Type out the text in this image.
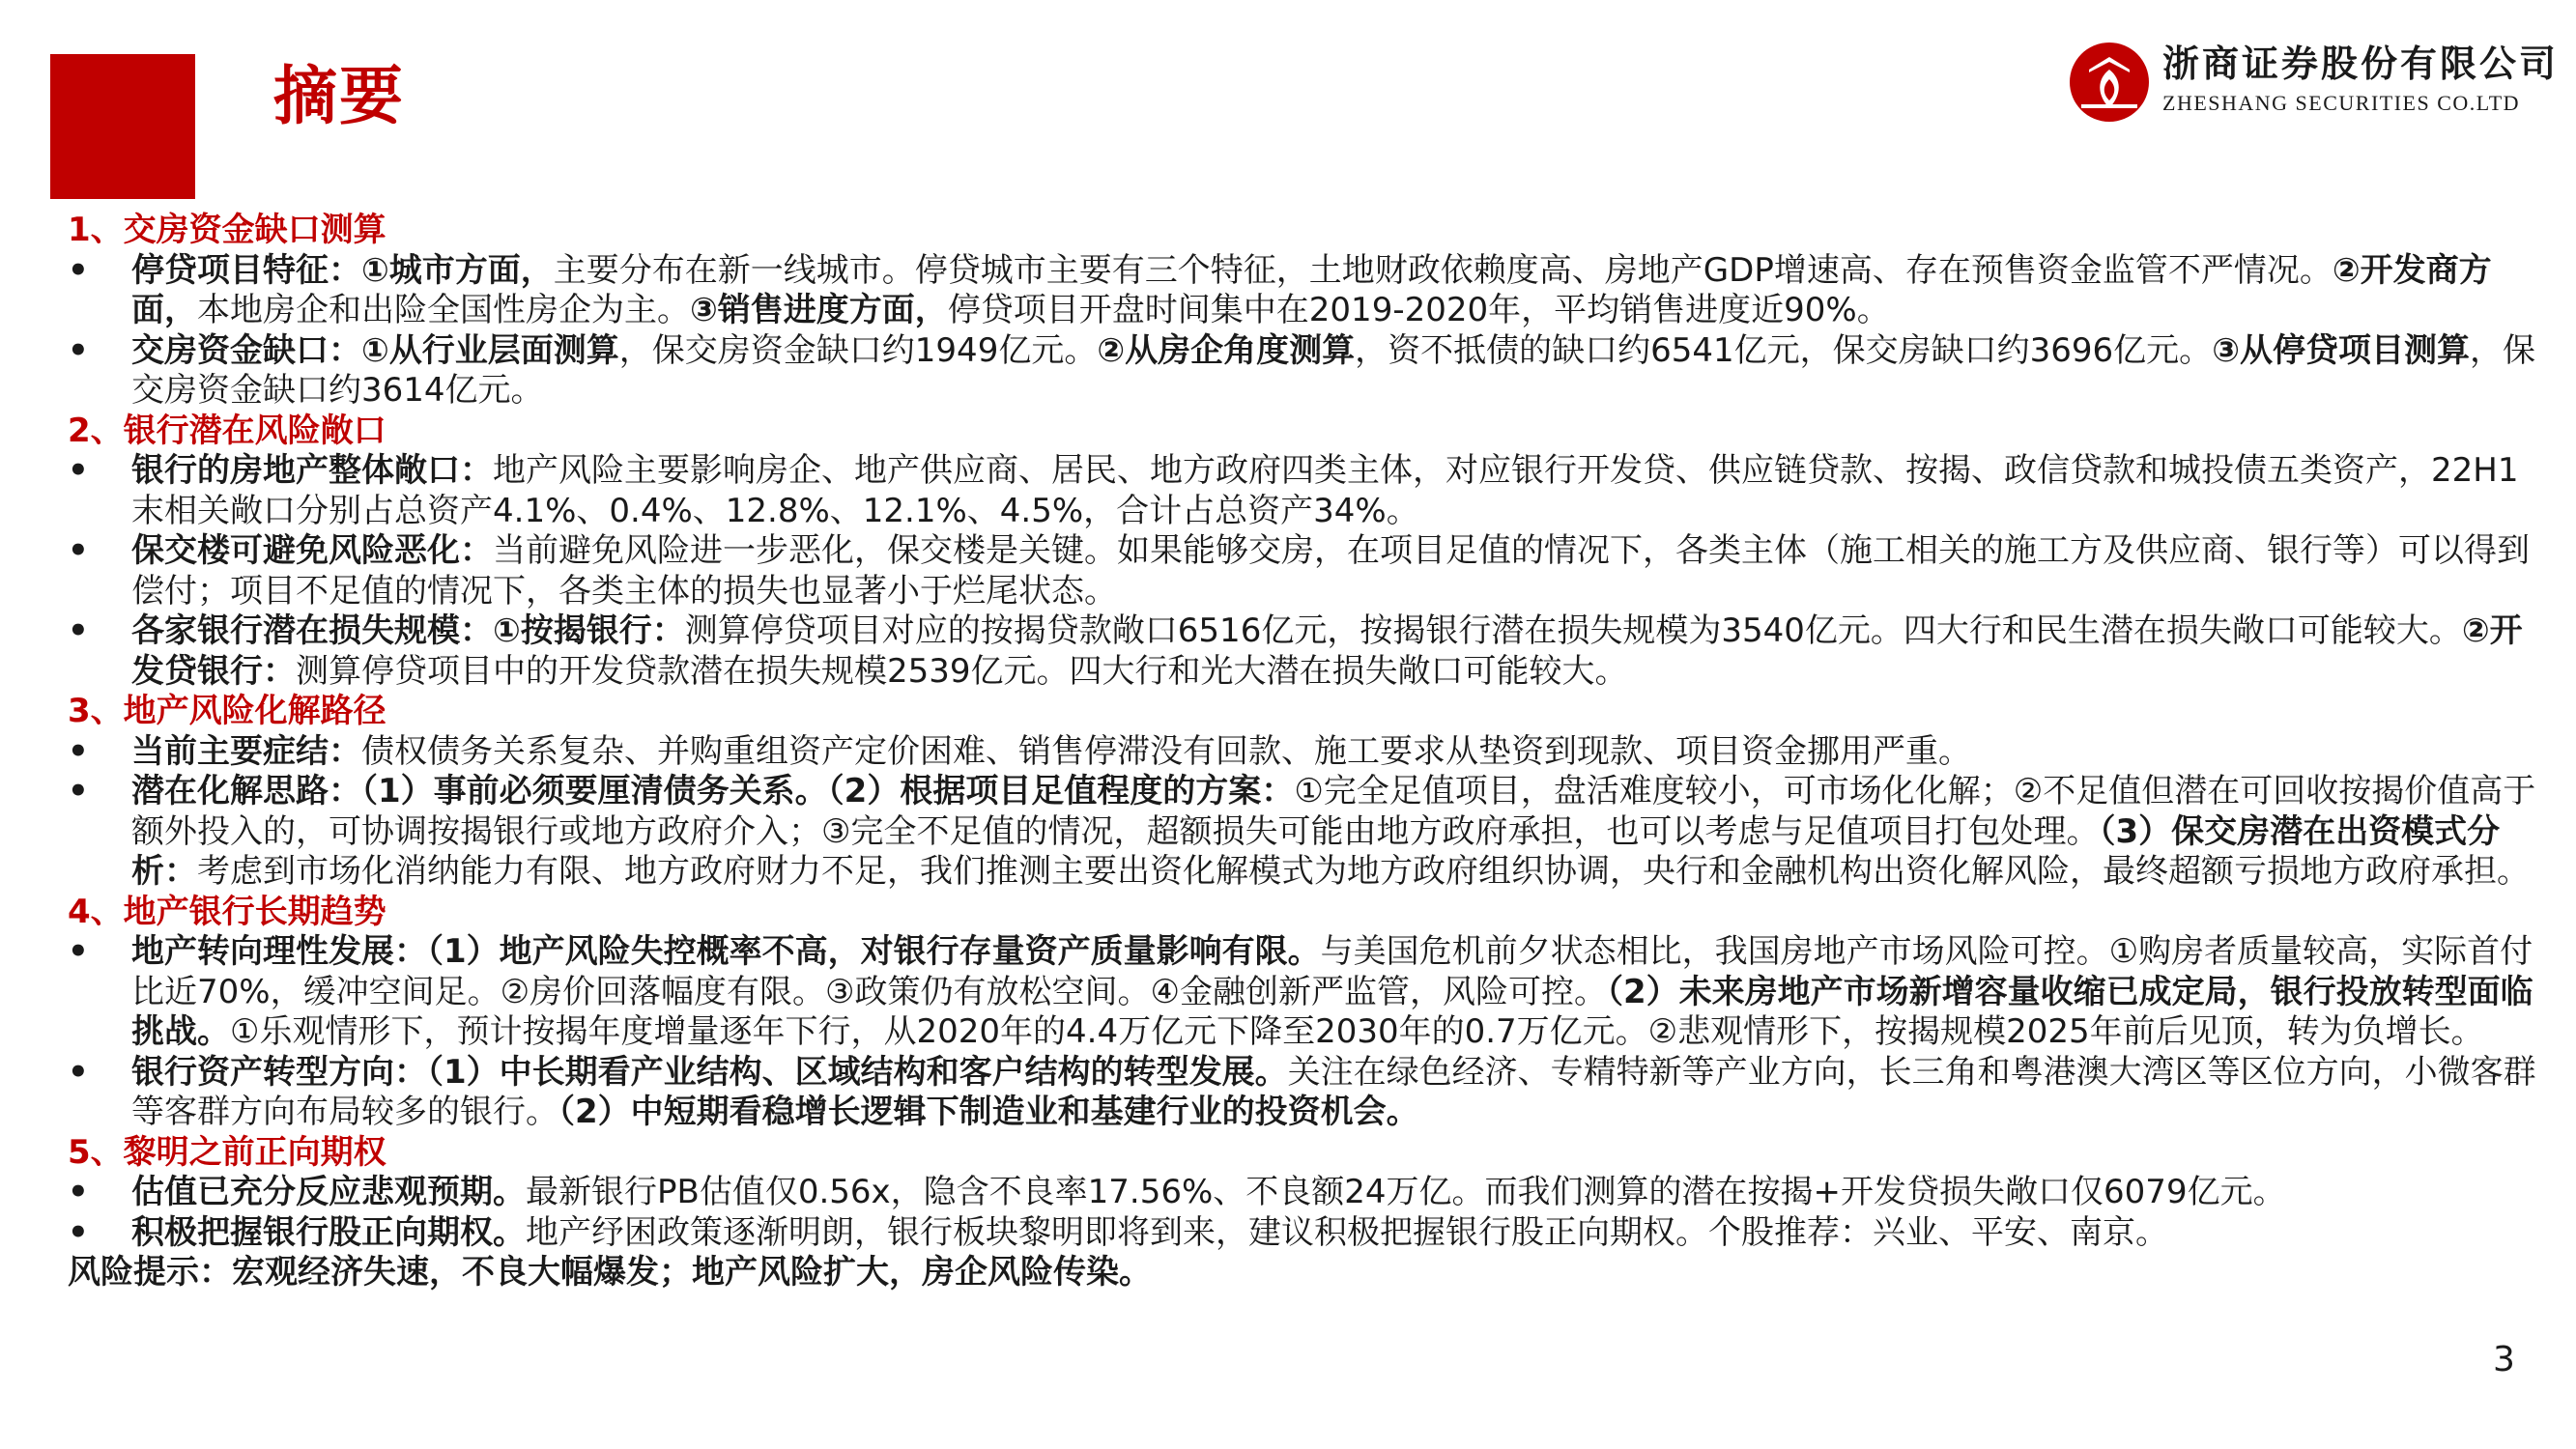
摘要	浙商证券股份有限公司
ZHESHANG SECURITIES CO.LTD
1、交房资金缺口测算
• 停贷项目特征：①城市方面，主要分布在新一线城市。停贷城市主要有三个特征，土地财政依赖度高、房地产GDP增速高、存在预售资金监管不严情况。②开发商方面，本地房企和出险全国性房企为主。③销售进度方面，停贷项目开盘时间集中在2019-2020年，平均销售进度近90%。
• 交房资金缺口：①从行业层面测算，保交房资金缺口约1949亿元。②从房企角度测算，资不抵债的缺口约6541亿元，保交房缺口约3696亿元。③从停贷项目测算，保交房资金缺口约3614亿元。
2、银行潜在风险敞口
• 银行的房地产整体敞口：地产风险主要影响房企、地产供应商、居民、地方政府四类主体，对应银行开发贷、供应链贷款、按揭、政信贷款和城投债五类资产，22H1末相关敞口分别占总资产4.1%、0.4%、12.8%、12.1%、4.5%，合计占总资产34%。
• 保交楼可避免风险恶化：当前避免风险进一步恶化，保交楼是关键。如果能够交房，在项目足值的情况下，各类主体（施工相关的施工方及供应商、银行等）可以得到偿付；项目不足值的情况下，各类主体的损失也显著小于烂尾状态。
• 各家银行潜在损失规模：①按揭银行：测算停贷项目对应的按揭贷款敞口6516亿元，按揭银行潜在损失规模为3540亿元。四大行和民生潜在损失敞口可能较大。②开发贷银行：测算停贷项目中的开发贷款潜在损失规模2539亿元。四大行和光大潜在损失敞口可能较大。
3、地产风险化解路径
• 当前主要症结：债权债务关系复杂、并购重组资产定价困难、销售停滞没有回款、施工要求从垫资到现款、项目资金挪用严重。
• 潜在化解思路：（1）事前必须要厘清债务关系。（2）根据项目足值程度的方案：①完全足值项目，盘活难度较小，可市场化化解；②不足值但潜在可回收按揭价值高于额外投入的，可协调按揭银行或地方政府介入；③完全不足值的情况，超额损失可能由地方政府承担，也可以考虑与足值项目打包处理。（3）保交房潜在出资模式分析：考虑到市场化消纳能力有限、地方政府财力不足，我们推测主要出资化解模式为地方政府组织协调，央行和金融机构出资化解风险，最终超额亏损地方政府承担。
4、地产银行长期趋势
• 地产转向理性发展：（1）地产风险失控概率不高，对银行存量资产质量影响有限。与美国危机前夕状态相比，我国房地产市场风险可控。①购房者质量较高，实际首付比近70%，缓冲空间足。②房价回落幅度有限。③政策仍有放松空间。④金融创新严监管，风险可控。（2）未来房地产市场新增容量收缩已成定局，银行投放转型面临挑战。①乐观情形下，预计按揭年度增量逐年下行，从2020年的4.4万亿元下降至2030年的0.7万亿元。②悲观情形下，按揭规模2025年前后见顶，转为负增长。
• 银行资产转型方向：（1）中长期看产业结构、区域结构和客户结构的转型发展。关注在绿色经济、专精特新等产业方向，长三角和粤港澳大湾区等区位方向，小微客群等客群方向布局较多的银行。（2）中短期看稳增长逻辑下制造业和基建行业的投资机会。
5、黎明之前正向期权
• 估值已充分反应悲观预期。最新银行PB估值仅0.56x，隐含不良率17.56%、不良额24万亿。而我们测算的潜在按揭+开发贷损失敞口仅6079亿元。
• 积极把握银行股正向期权。地产纾困政策逐渐明朗，银行板块黎明即将到来，建议积极把握银行股正向期权。个股推荐：兴业、平安、南京。
风险提示：宏观经济失速，不良大幅爆发；地产风险扩大，房企风险传染。
3
